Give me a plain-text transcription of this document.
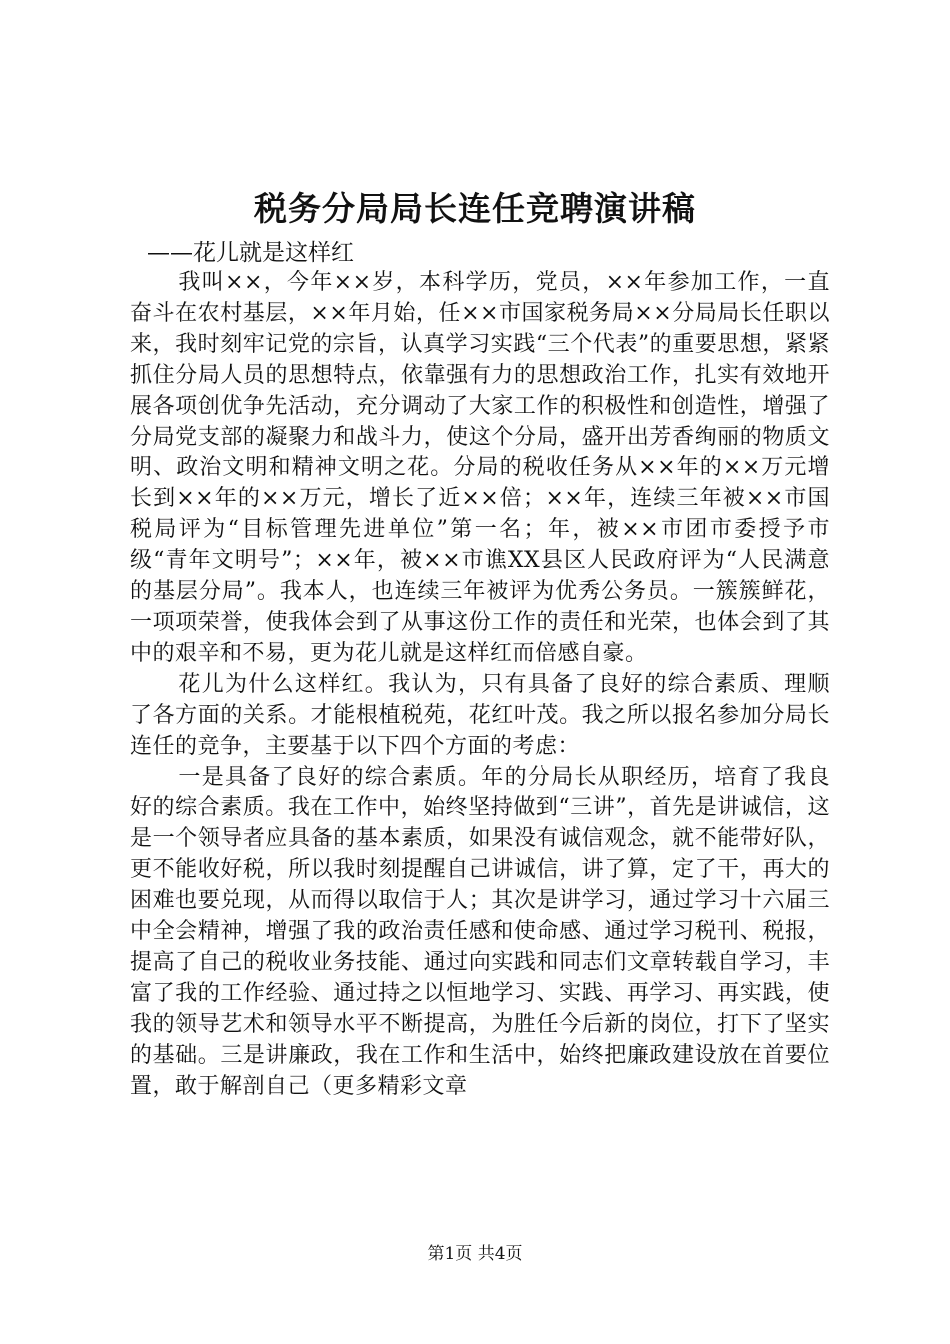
税务分局局长连任竞聘演讲稿
——花儿就是这样红

我叫××，今年××岁，本科学历，党员，××年参加工作，一直奋斗在农村基层，××年月始，任××市国家税务局××分局局长任职以来，我时刻牢记党的宗旨，认真学习实践“三个代表”的重要思想，紧紧抓住分局人员的思想特点，依靠强有力的思想政治工作，扎实有效地开展各项创优争先活动，充分调动了大家工作的积极性和创造性，增强了分局党支部的凝聚力和战斗力，使这个分局，盛开出芳香绚丽的物质文明、政治文明和精神文明之花。分局的税收任务从××年的××万元增长到××年的××万元，增长了近××倍；××年，连续三年被××市国税局评为“目标管理先进单位”第一名；年，被××市团市委授予市级“青年文明号”；××年，被××市谯XX县区人民政府评为“人民满意的基层分局”。我本人，也连续三年被评为优秀公务员。一簇簇鲜花，一项项荣誉，使我体会到了从事这份工作的责任和光荣，也体会到了其中的艰辛和不易，更为花儿就是这样红而倍感自豪。

花儿为什么这样红。我认为，只有具备了良好的综合素质、理顺了各方面的关系。才能根植税苑，花红叶茂。我之所以报名参加分局长连任的竞争，主要基于以下四个方面的考虑：

一是具备了良好的综合素质。年的分局长从职经历，培育了我良好的综合素质。我在工作中，始终坚持做到“三讲”，首先是讲诚信，这是一个领导者应具备的基本素质，如果没有诚信观念，就不能带好队，更不能收好税，所以我时刻提醒自己讲诚信，讲了算，定了干，再大的困难也要兑现，从而得以取信于人；其次是讲学习，通过学习十六届三中全会精神，增强了我的政治责任感和使命感、通过学习税刊、税报，提高了自己的税收业务技能、通过向实践和同志们文章转载自学习，丰富了我的工作经验、通过持之以恒地学习、实践、再学习、再实践，使我的领导艺术和领导水平不断提高，为胜任今后新的岗位，打下了坚实的基础。三是讲廉政，我在工作和生活中，始终把廉政建设放在首要位置，敢于解剖自己（更多精彩文章

第1页 共4页
